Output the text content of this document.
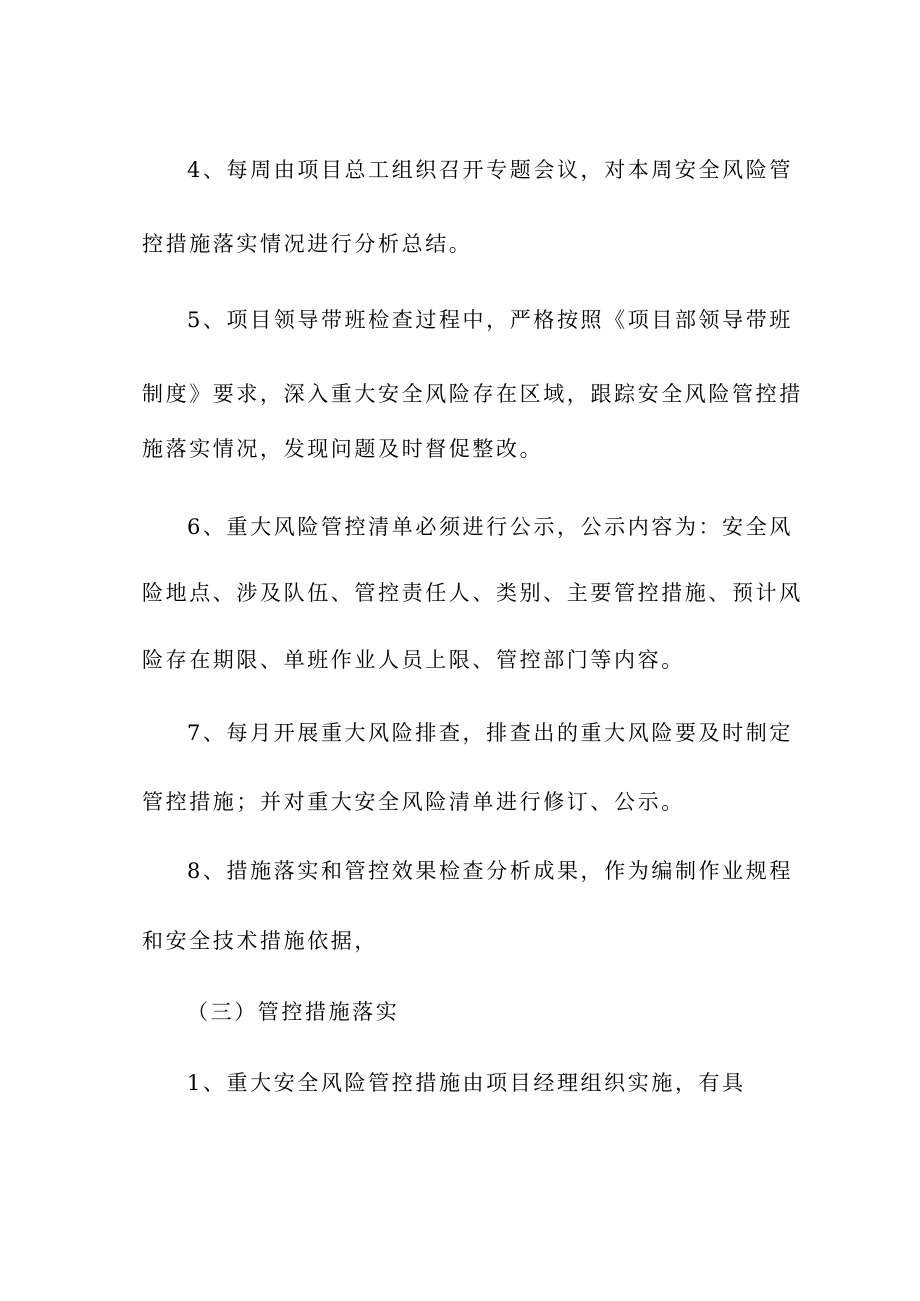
4、每周由项目总工组织召开专题会议，对本周安全风险管
控措施落实情况进行分析总结。
5、项目领导带班检查过程中，严格按照《项目部领导带班
制度》要求，深入重大安全风险存在区域，跟踪安全风险管控措
施落实情况，发现问题及时督促整改。
6、重大风险管控清单必须进行公示，公示内容为：安全风
险地点、涉及队伍、管控责任人、类别、主要管控措施、预计风
险存在期限、单班作业人员上限、管控部门等内容。
7、每月开展重大风险排查，排查出的重大风险要及时制定
管控措施；并对重大安全风险清单进行修订、公示。
8、措施落实和管控效果检查分析成果，作为编制作业规程
和安全技术措施依据，
（三）管控措施落实
1、重大安全风险管控措施由项目经理组织实施，有具
